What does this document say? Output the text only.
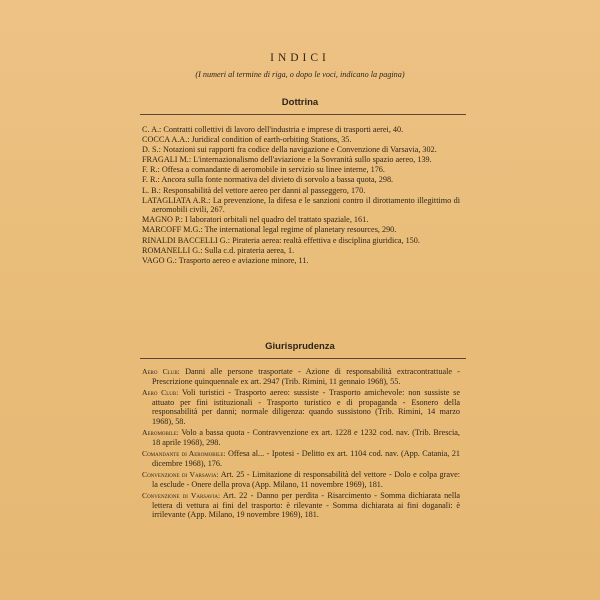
INDICI
(I numeri al termine di riga, o dopo le voci, indicano la pagina)
Dottrina
C. A.: Contratti collettivi di lavoro dell'industria e imprese di trasporti aerei, 40.
COCCA A.A.: Juridical condition of earth-orbiting Stations, 35.
D. S.: Notazioni sui rapporti fra codice della navigazione e Convenzione di Varsavia, 302.
FRAGALI M.: L'internazionalismo dell'aviazione e la Sovranità sullo spazio aereo, 139.
F. R.: Offesa a comandante di aeromobile in servizio su linee interne, 176.
F. R.: Ancora sulla fonte normativa del divieto di sorvolo a bassa quota, 298.
L. B.: Responsabilità del vettore aereo per danni al passeggero, 170.
LATAGLIATA A.R.: La prevenzione, la difesa e le sanzioni contro il dirottamento illegittimo di aeromobili civili, 267.
MAGNO P.: I laboratori orbitali nel quadro del trattato spaziale, 161.
MARCOFF M.G.: The international legal regime of planetary resources, 290.
RINALDI BACCELLI G.: Pirateria aerea: realtà effettiva e disciplina giuridica, 150.
ROMANELLI G.: Sulla c.d. pirateria aerea, 1.
VAGO G.: Trasporto aereo e aviazione minore, 11.
Giurisprudenza
Aero Club: Danni alle persone trasportate - Azione di responsabilità extracontrattuale - Prescrizione quinquennale ex art. 2947 (Trib. Rimini, 11 gennaio 1968), 55.
Aero Club: Voli turistici - Trasporto aereo: sussiste - Trasporto amichevole: non sussiste se attuato per fini istituzionali - Trasporto turistico e di propaganda - Esonero della responsabilità per danni; normale diligenza: quando sussistono (Trib. Rimini, 14 marzo 1968), 58.
Aeromobile: Volo a bassa quota - Contravvenzione ex art. 1228 e 1232 cod. nav. (Trib. Brescia, 18 aprile 1968), 298.
Comandante di Aeromobile: Offesa al... - Ipotesi - Delitto ex art. 1104 cod. nav. (App. Catania, 21 dicembre 1968), 176.
Convenzione di Varsavia: Art. 25 - Limitazione di responsabilità del vettore - Dolo e colpa grave: la esclude - Onere della prova (App. Milano, 11 novembre 1969), 181.
Convenzione di Varsavia: Art. 22 - Danno per perdita - Risarcimento - Somma dichiarata nella lettera di vettura ai fini del trasporto: è rilevante - Somma dichiarata ai fini doganali: è irrilevante (App. Milano, 19 novembre 1969), 181.
